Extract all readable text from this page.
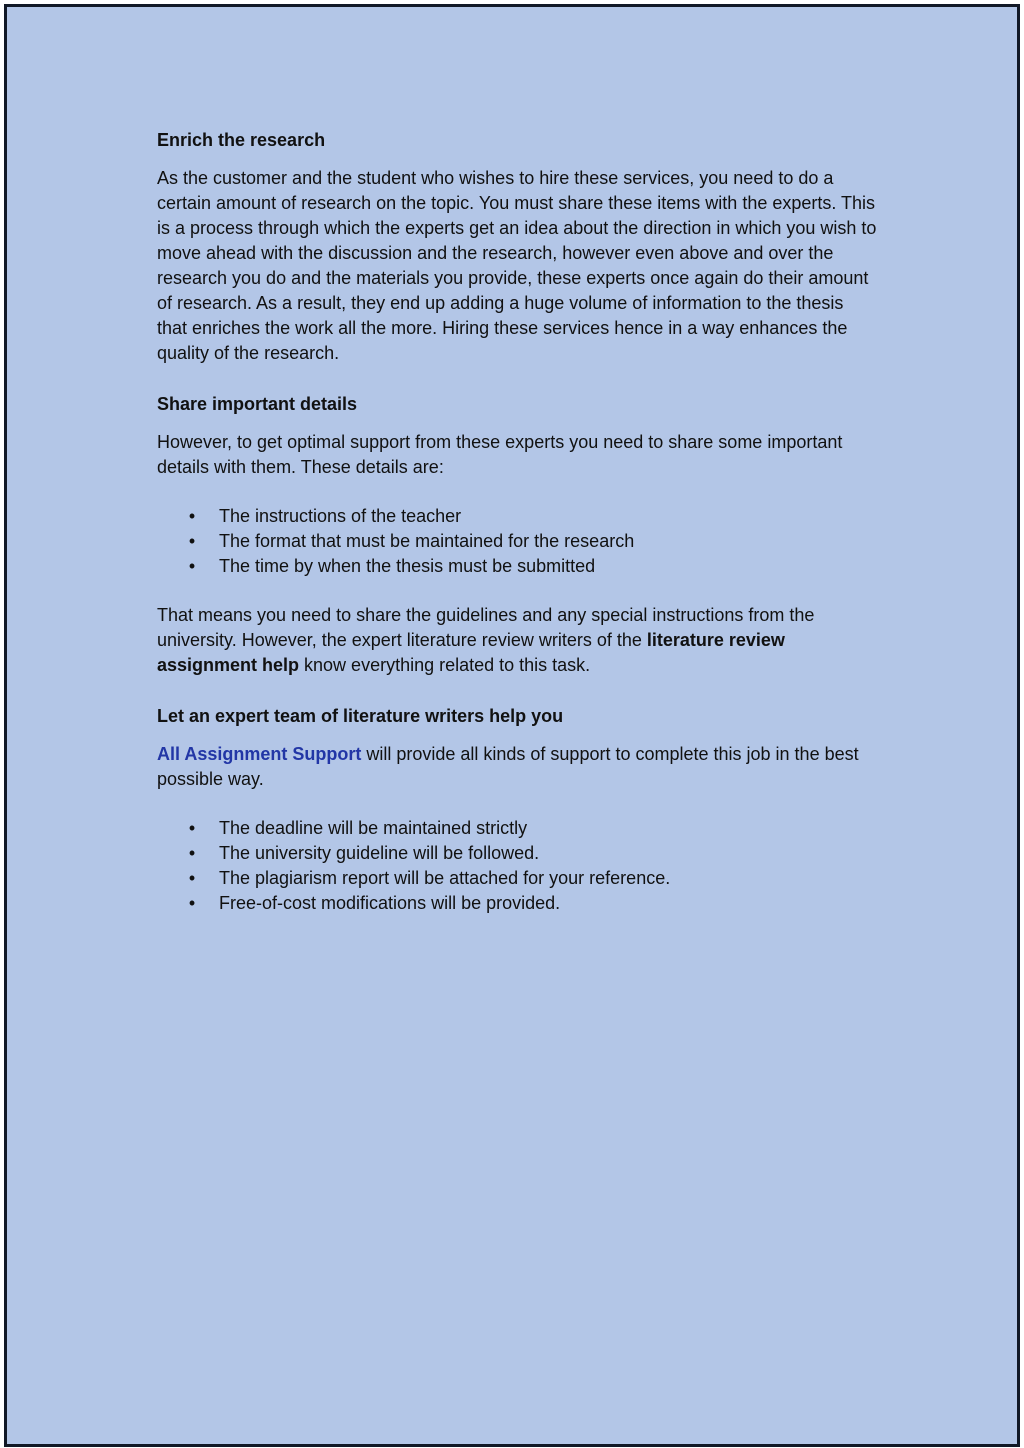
Enrich the research

As the customer and the student who wishes to hire these services, you need to do a certain amount of research on the topic. You must share these items with the experts. This is a process through which the experts get an idea about the direction in which you wish to move ahead with the discussion and the research, however even above and over the research you do and the materials you provide, these experts once again do their amount of research. As a result, they end up adding a huge volume of information to the thesis that enriches the work all the more. Hiring these services hence in a way enhances the quality of the research.

Share important details

However, to get optimal support from these experts you need to share some important details with them. These details are:

• The instructions of the teacher
• The format that must be maintained for the research
• The time by when the thesis must be submitted

That means you need to share the guidelines and any special instructions from the university. However, the expert literature review writers of the literature review assignment help know everything related to this task.

Let an expert team of literature writers help you

All Assignment Support will provide all kinds of support to complete this job in the best possible way.

• The deadline will be maintained strictly
• The university guideline will be followed.
• The plagiarism report will be attached for your reference.
• Free-of-cost modifications will be provided.
